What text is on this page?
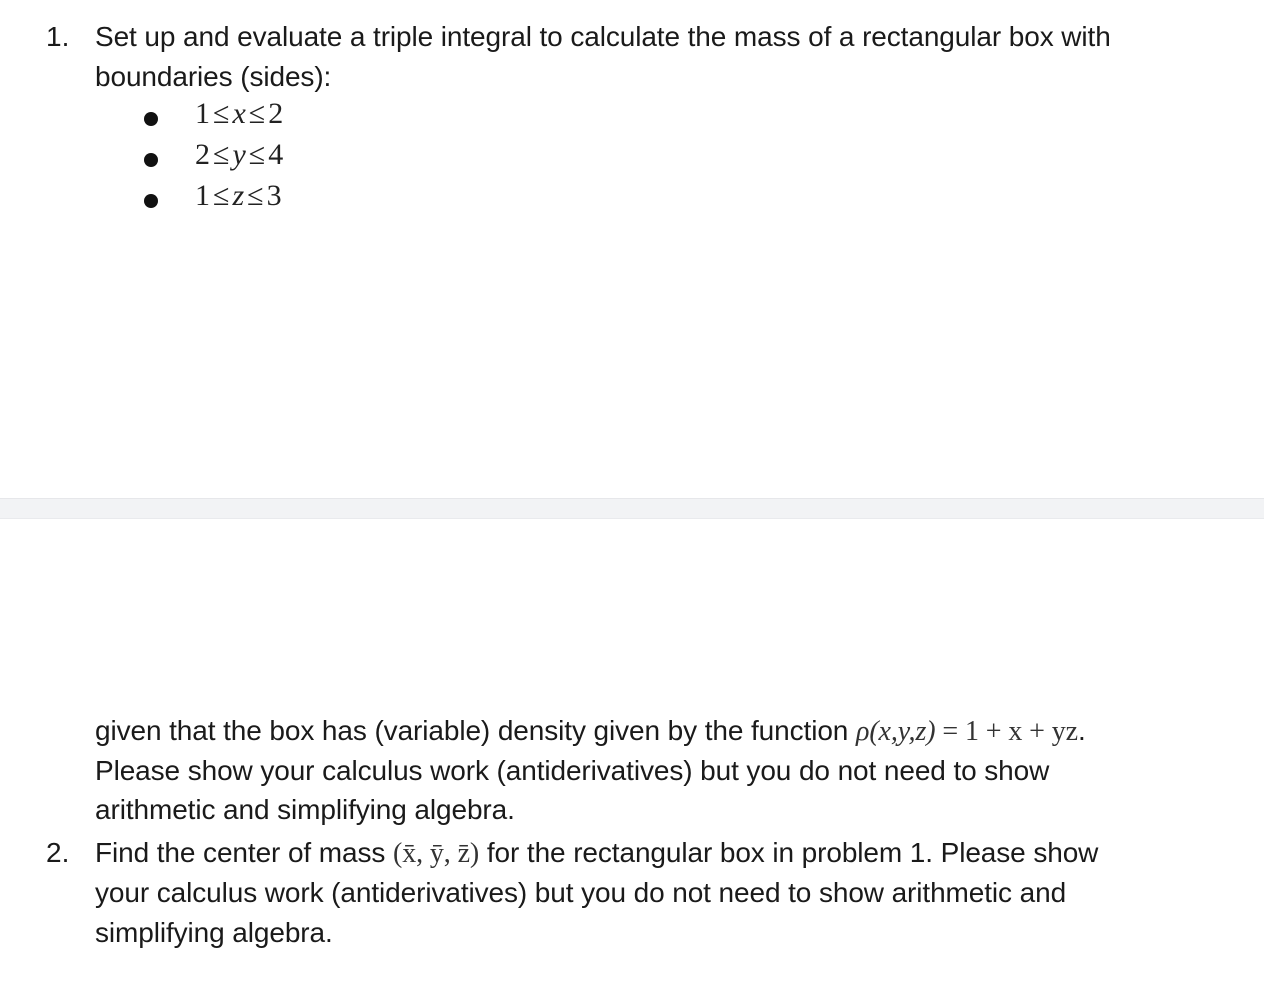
1. Set up and evaluate a triple integral to calculate the mass of a rectangular box with
boundaries (sides):
1 ≤ x ≤ 2
2 ≤ y ≤ 4
1 ≤ z ≤ 3
given that the box has (variable) density given by the function ρ(x,y,z) = 1 + x + yz.
Please show your calculus work (antiderivatives) but you do not need to show
arithmetic and simplifying algebra.
2. Find the center of mass (x̄, ȳ, z̄) for the rectangular box in problem 1. Please show
your calculus work (antiderivatives) but you do not need to show arithmetic and
simplifying algebra.
